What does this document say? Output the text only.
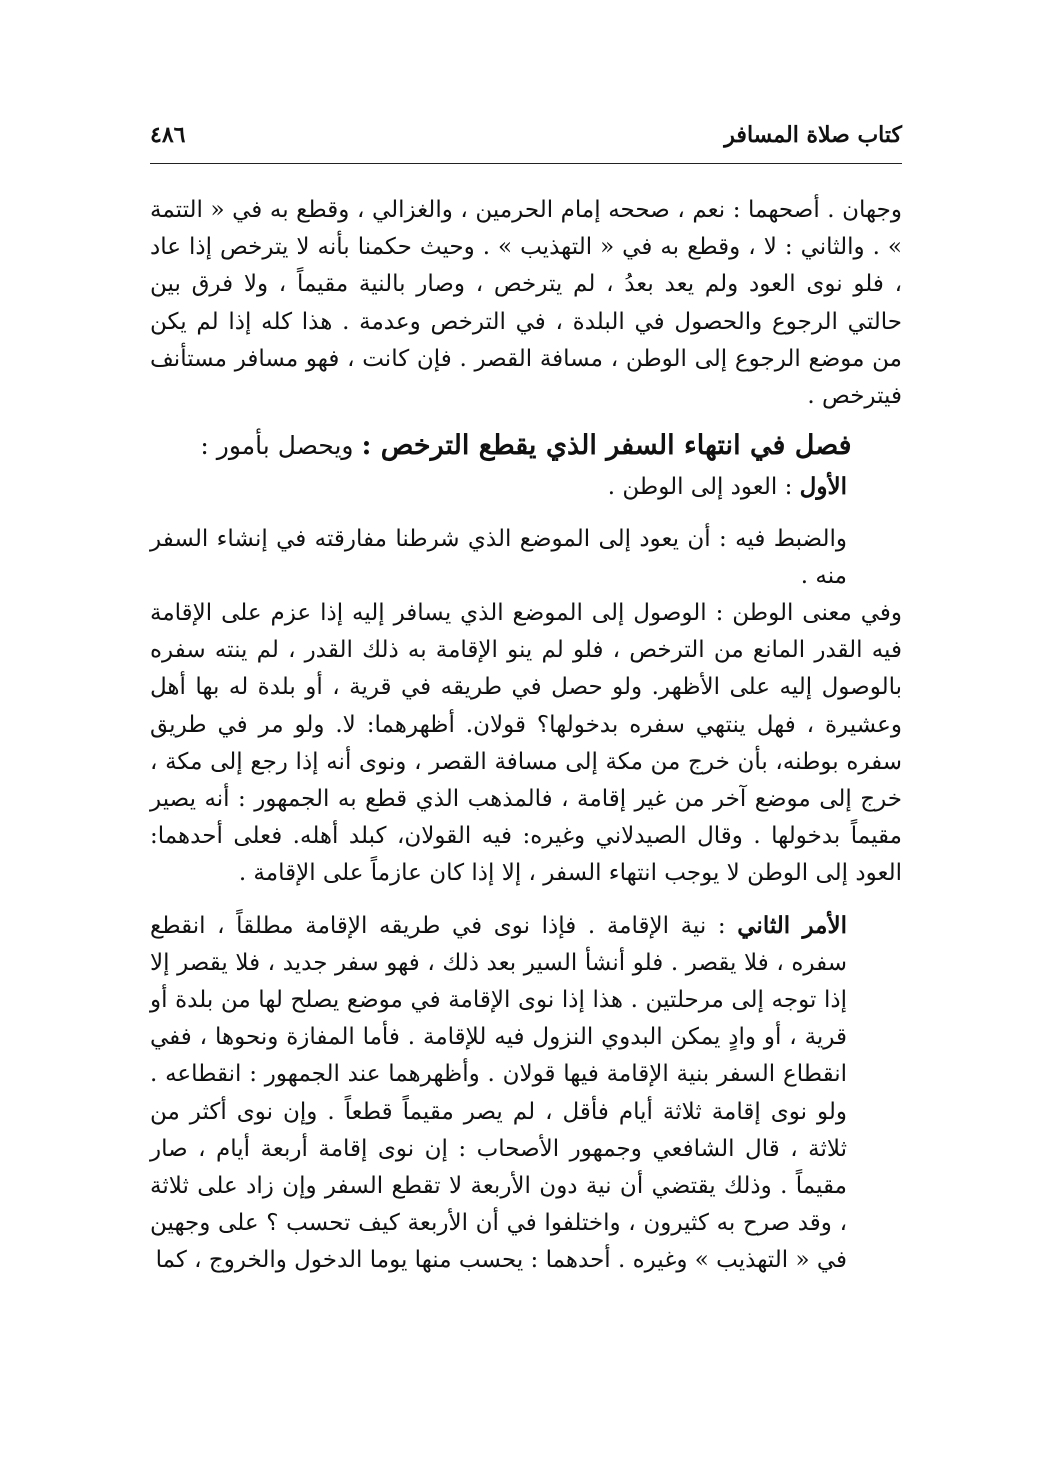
كتاب صلاة المسافر
٤٨٦

وجهان . أصحهما : نعم ، صححه إمام الحرمين ، والغزالي ، وقطع به في « التتمة » . والثاني : لا ، وقطع به في « التهذيب » . وحيث حكمنا بأنه لا يترخص إذا عاد ، فلو نوى العود ولم يعد بعدُ ، لم يترخص ، وصار بالنية مقيماً ، ولا فرق بين حالتي الرجوع والحصول في البلدة ، في الترخص وعدمة . هذا كله إذا لم يكن من موضع الرجوع إلى الوطن ، مسافة القصر . فإن كانت ، فهو مسافر مستأنف فيترخص .

فصل في انتهاء السفر الذي يقطع الترخص : ويحصل بأمور :

الأول : العود إلى الوطن .

والضبط فيه : أن يعود إلى الموضع الذي شرطنا مفارقته في إنشاء السفر منه .

وفي معنى الوطن : الوصول إلى الموضع الذي يسافر إليه إذا عزم على الإقامة فيه القدر المانع من الترخص ، فلو لم ينو الإقامة به ذلك القدر ، لم ينته سفره بالوصول إليه على الأظهر. ولو حصل في طريقه في قرية ، أو بلدة له بها أهل وعشيرة ، فهل ينتهي سفره بدخولها؟ قولان. أظهرهما: لا. ولو مر في طريق سفره بوطنه، بأن خرج من مكة إلى مسافة القصر ، ونوى أنه إذا رجع إلى مكة ، خرج إلى موضع آخر من غير إقامة ، فالمذهب الذي قطع به الجمهور : أنه يصير مقيماً بدخولها . وقال الصيدلاني وغيره: فيه القولان، كبلد أهله. فعلى أحدهما: العود إلى الوطن لا يوجب انتهاء السفر ، إلا إذا كان عازماً على الإقامة .

الأمر الثاني : نية الإقامة . فإذا نوى في طريقه الإقامة مطلقاً ، انقطع سفره ، فلا يقصر . فلو أنشأ السير بعد ذلك ، فهو سفر جديد ، فلا يقصر إلا إذا توجه إلى مرحلتين . هذا إذا نوى الإقامة في موضع يصلح لها من بلدة أو قرية ، أو وادٍ يمكن البدوي النزول فيه للإقامة . فأما المفازة ونحوها ، ففي انقطاع السفر بنية الإقامة فيها قولان . وأظهرهما عند الجمهور : انقطاعه . ولو نوى إقامة ثلاثة أيام فأقل ، لم يصر مقيماً قطعاً . وإن نوى أكثر من ثلاثة ، قال الشافعي وجمهور الأصحاب : إن نوى إقامة أربعة أيام ، صار مقيماً . وذلك يقتضي أن نية دون الأربعة لا تقطع السفر وإن زاد على ثلاثة ، وقد صرح به كثيرون ، واختلفوا في أن الأربعة كيف تحسب ؟ على وجهين في « التهذيب » وغيره . أحدهما : يحسب منها يوما الدخول والخروج ، كما
